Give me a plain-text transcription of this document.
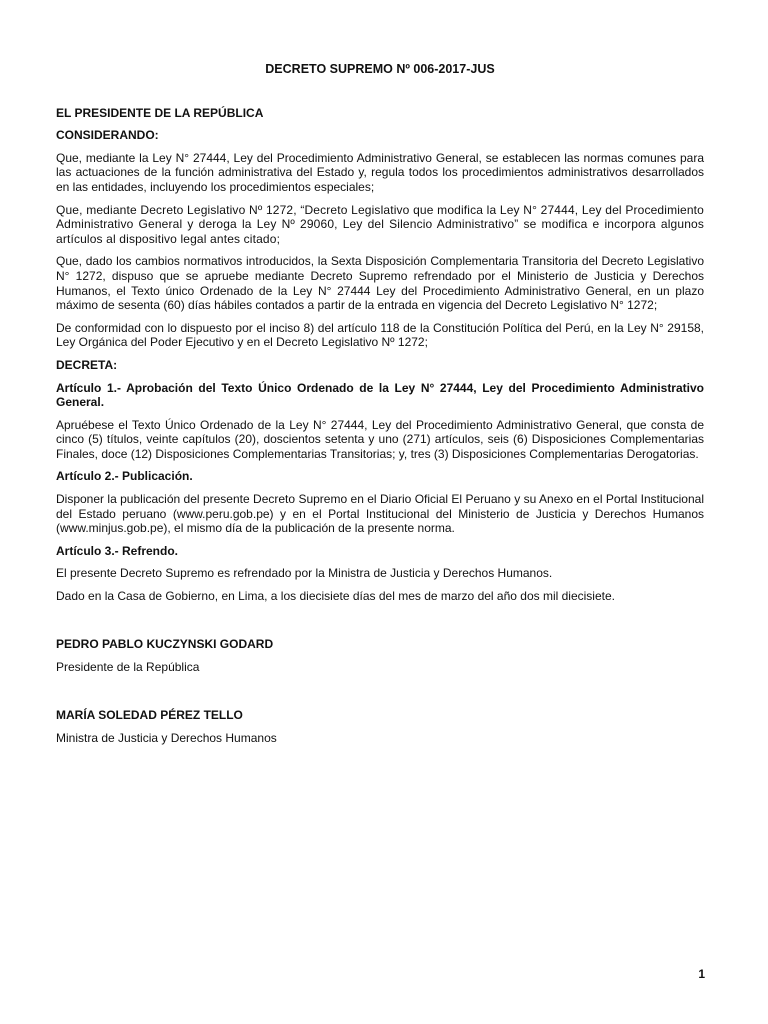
DECRETO SUPREMO Nº 006-2017-JUS
EL PRESIDENTE DE LA REPÚBLICA
CONSIDERANDO:

Que, mediante la Ley N° 27444, Ley del Procedimiento Administrativo General, se establecen las normas comunes para las actuaciones de la función administrativa del Estado y, regula todos los procedimientos administrativos desarrollados en las entidades, incluyendo los procedimientos especiales;

Que, mediante Decreto Legislativo Nº 1272, “Decreto Legislativo que modifica la Ley N° 27444, Ley del Procedimiento Administrativo General y deroga la Ley Nº 29060, Ley del Silencio Administrativo” se modifica e incorpora algunos artículos al dispositivo legal antes citado;

Que, dado los cambios normativos introducidos, la Sexta Disposición Complementaria Transitoria del Decreto Legislativo N° 1272, dispuso que se apruebe mediante Decreto Supremo refrendado por el Ministerio de Justicia y Derechos Humanos, el Texto único Ordenado de la Ley N° 27444 Ley del Procedimiento Administrativo General, en un plazo máximo de sesenta (60) días hábiles contados a partir de la entrada en vigencia del Decreto Legislativo N° 1272;

De conformidad con lo dispuesto por el inciso 8) del artículo 118 de la Constitución Política del Perú, en la Ley N° 29158, Ley Orgánica del Poder Ejecutivo y en el Decreto Legislativo Nº 1272;

DECRETA:

Artículo 1.- Aprobación del Texto Único Ordenado de la Ley N° 27444, Ley del Procedimiento Administrativo General.

Apruébese el Texto Único Ordenado de la Ley N° 27444, Ley del Procedimiento Administrativo General, que consta de cinco (5) títulos, veinte capítulos (20), doscientos setenta y uno (271) artículos, seis (6) Disposiciones Complementarias Finales, doce (12) Disposiciones Complementarias Transitorias; y, tres (3) Disposiciones Complementarias Derogatorias.

Artículo 2.- Publicación.

Disponer la publicación del presente Decreto Supremo en el Diario Oficial El Peruano y su Anexo en el Portal Institucional del Estado peruano (www.peru.gob.pe) y en el Portal Institucional del Ministerio de Justicia y Derechos Humanos (www.minjus.gob.pe), el mismo día de la publicación de la presente norma.

Artículo 3.- Refrendo.

El presente Decreto Supremo es refrendado por la Ministra de Justicia y Derechos Humanos.

Dado en la Casa de Gobierno, en Lima, a los diecisiete días del mes de marzo del año dos mil diecisiete.

PEDRO PABLO KUCZYNSKI GODARD
Presidente de la República
MARÍA SOLEDAD PÉREZ TELLO
Ministra de Justicia y Derechos Humanos
1
